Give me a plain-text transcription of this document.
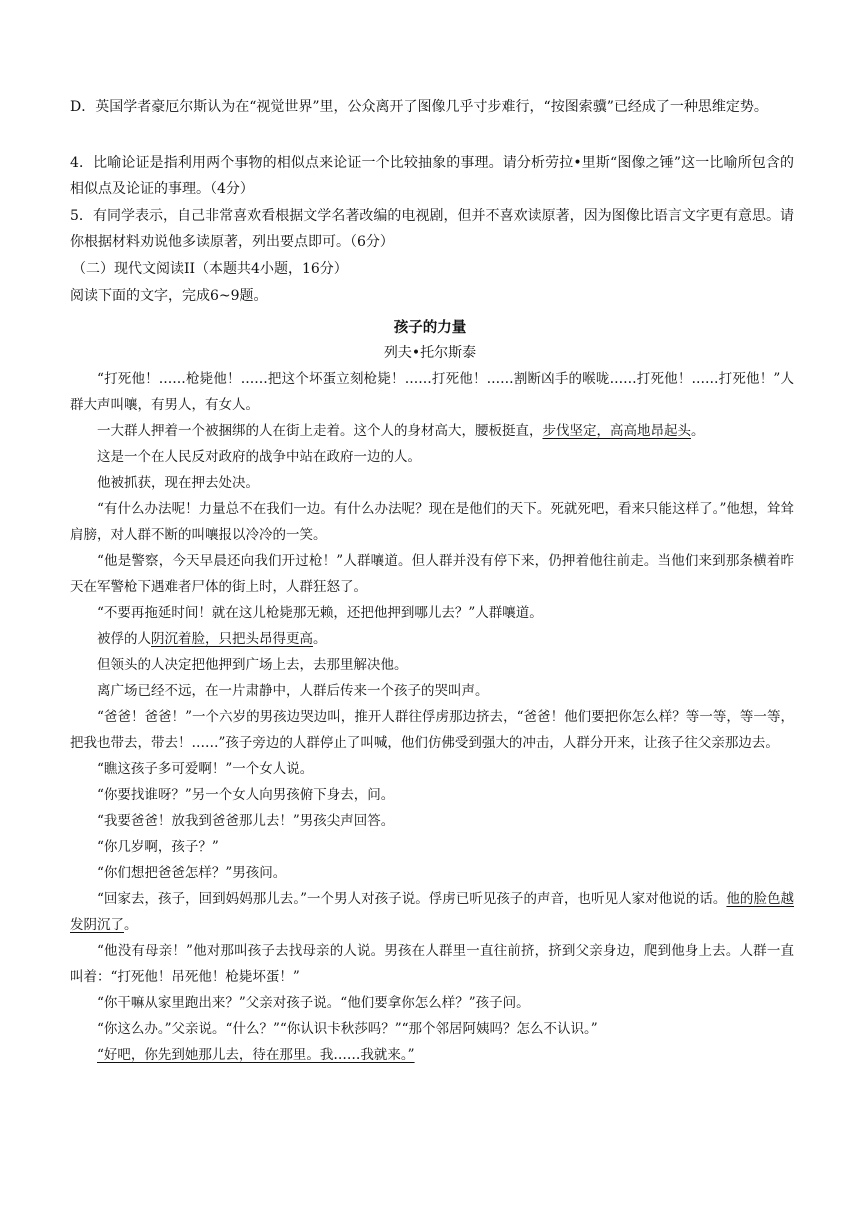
D．英国学者豪厄尔斯认为在“视觉世界”里，公众离开了图像几乎寸步难行，“按图索骥”已经成了一种思维定势。
4．比喻论证是指利用两个事物的相似点来论证一个比较抽象的事理。请分析劳拉•里斯“图像之锤”这一比喻所包含的相似点及论证的事理。（4分）
5．有同学表示，自己非常喜欢看根据文学名著改编的电视剧，但并不喜欢读原著，因为图像比语言文字更有意思。请你根据材料劝说他多读原著，列出要点即可。（6分）
（二）现代文阅读II（本题共4小题，16分）
阅读下面的文字，完成6~9题。
孩子的力量
列夫•托尔斯泰

“打死他！……枪毙他！……把这个坏蛋立刻枪毙！……打死他！……割断凶手的喉咙……打死他！……打死他！”人群大声叫嚷，有男人，有女人。

一大群人押着一个被捆绑的人在街上走着。这个人的身材高大，腰板挺直，步伐坚定，高高地昂起头。

这是一个在人民反对政府的战争中站在政府一边的人。

他被抓获，现在押去处决。

“有什么办法呢！力量总不在我们一边。有什么办法呢？现在是他们的天下。死就死吧，看来只能这样了。”他想，耸耸肩膀，对人群不断的叫嚷报以冷冷的一笑。

“他是警察，今天早晨还向我们开过枪！”人群嚷道。但人群并没有停下来，仍押着他往前走。当他们来到那条横着昨天在军警枪下遇难者尸体的街上时，人群狂怒了。

“不要再拖延时间！就在这儿枪毙那无赖，还把他押到哪儿去？”人群嚷道。

被俘的人阴沉着脸，只把头昂得更高。

但领头的人决定把他押到广场上去，去那里解决他。

离广场已经不远，在一片肃静中，人群后传来一个孩子的哭叫声。

“爸爸！爸爸！”一个六岁的男孩边哭边叫，推开人群往俘虏那边挤去，“爸爸！他们要把你怎么样？等一等，等一等，把我也带去，带去！……”孩子旁边的人群停止了叫喊，他们仿佛受到强大的冲击，人群分开来，让孩子往父亲那边去。

“瞧这孩子多可爱啊！”一个女人说。

“你要找谁呀？”另一个女人向男孩俯下身去，问。

“我要爸爸！放我到爸爸那儿去！”男孩尖声回答。

“你几岁啊，孩子？”

“你们想把爸爸怎样？”男孩问。

“回家去，孩子，回到妈妈那儿去。”一个男人对孩子说。俘虏已听见孩子的声音，也听见人家对他说的话。他的脸色越发阴沉了。

“他没有母亲！”他对那叫孩子去找母亲的人说。男孩在人群里一直往前挤，挤到父亲身边，爬到他身上去。人群一直叫着：“打死他！吊死他！枪毙坏蛋！”

“你干嘛从家里跑出来？”父亲对孩子说。“他们要拿你怎么样？”孩子问。

“你这么办。”父亲说。“什么？”“你认识卡秋莎吗？”“那个邻居阿姨吗？怎么不认识。”

“好吧，你先到她那儿去，待在那里。我……我就来。”
